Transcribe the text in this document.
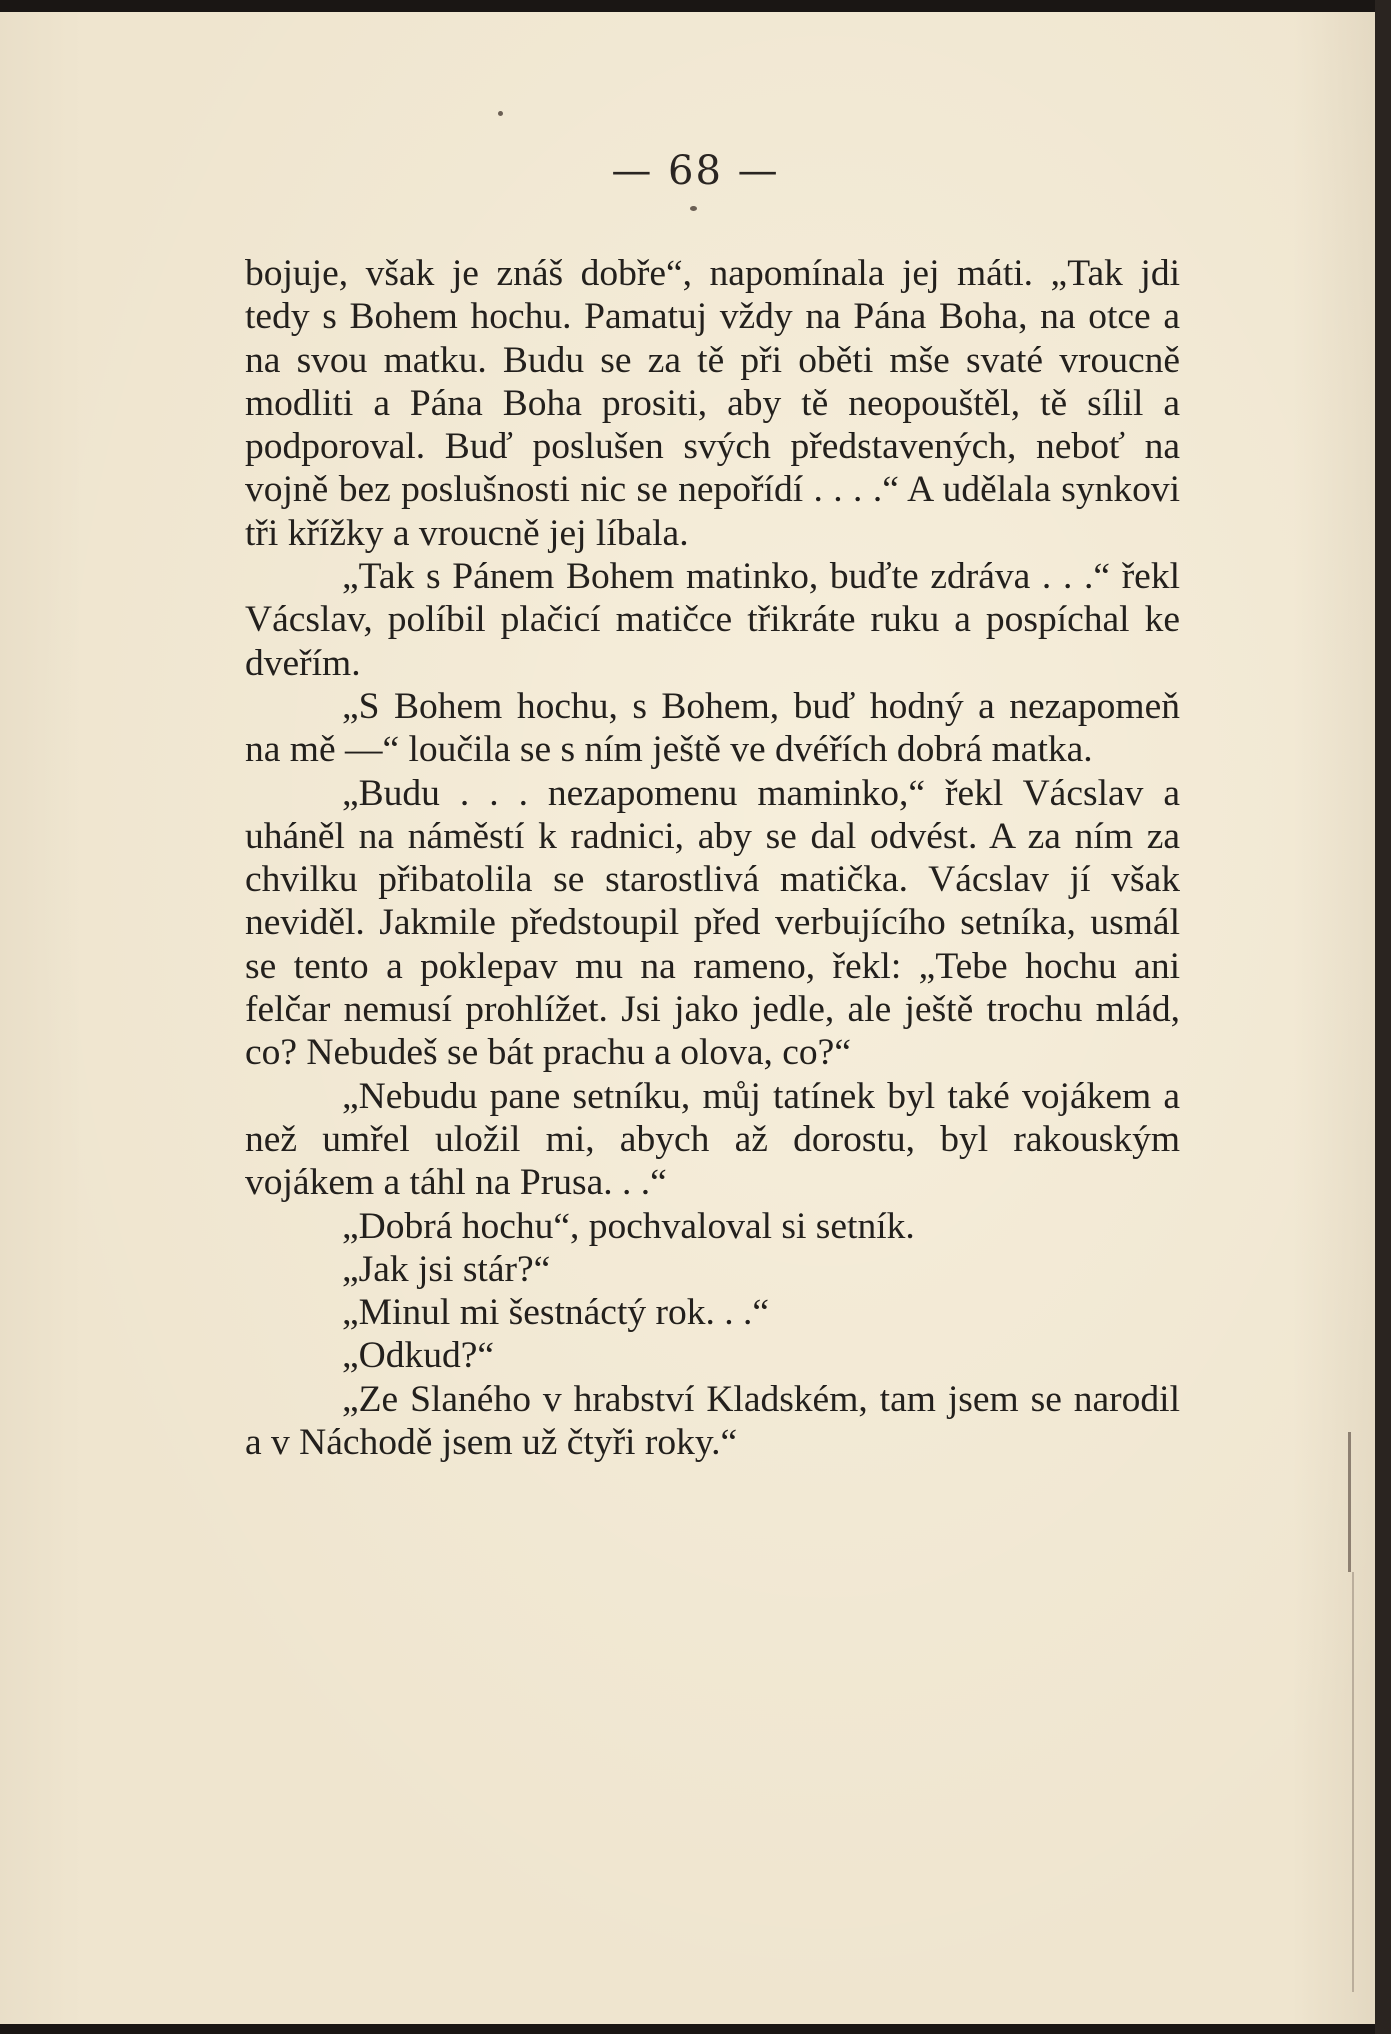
— 68 —

bojuje, však je znáš dobře“, napomínala jej máti. „Tak jdi tedy s Bohem hochu. Pamatuj vždy na Pána Boha, na otce a na svou matku. Budu se za tě při oběti mše svaté vroucně modliti a Pána Boha prositi, aby tě neopouštěl, tě sílil a podporoval. Buď poslušen svých představených, neboť na vojně bez poslušnosti nic se nepořídí . . . .“ A udělala synkovi tři křížky a vroucně jej líbala.

„Tak s Pánem Bohem matinko, buďte zdráva . . .“ řekl Vácslav, políbil plačicí matičce třikráte ruku a pospíchal ke dveřím.

„S Bohem hochu, s Bohem, buď hodný a nezapomeň na mě —“ loučila se s ním ještě ve dvéřích dobrá matka.

„Budu . . . nezapomenu maminko,“ řekl Vácslav a uháněl na náměstí k radnici, aby se dal odvést. A za ním za chvilku přibatolila se starostlivá matička. Vácslav jí však neviděl. Jakmile předstoupil před verbujícího setníka, usmál se tento a poklepav mu na rameno, řekl: „Tebe hochu ani felčar nemusí prohlížet. Jsi jako jedle, ale ještě trochu mlád, co? Nebudeš se bát prachu a olova, co?“

„Nebudu pane setníku, můj tatínek byl také vojákem a než umřel uložil mi, abych až dorostu, byl rakouským vojákem a táhl na Prusa. . .“

„Dobrá hochu“, pochvaloval si setník.

„Jak jsi stár?“

„Minul mi šestnáctý rok. . .“

„Odkud?“

„Ze Slaného v hrabství Kladském, tam jsem se narodil a v Náchodě jsem už čtyři roky.“
